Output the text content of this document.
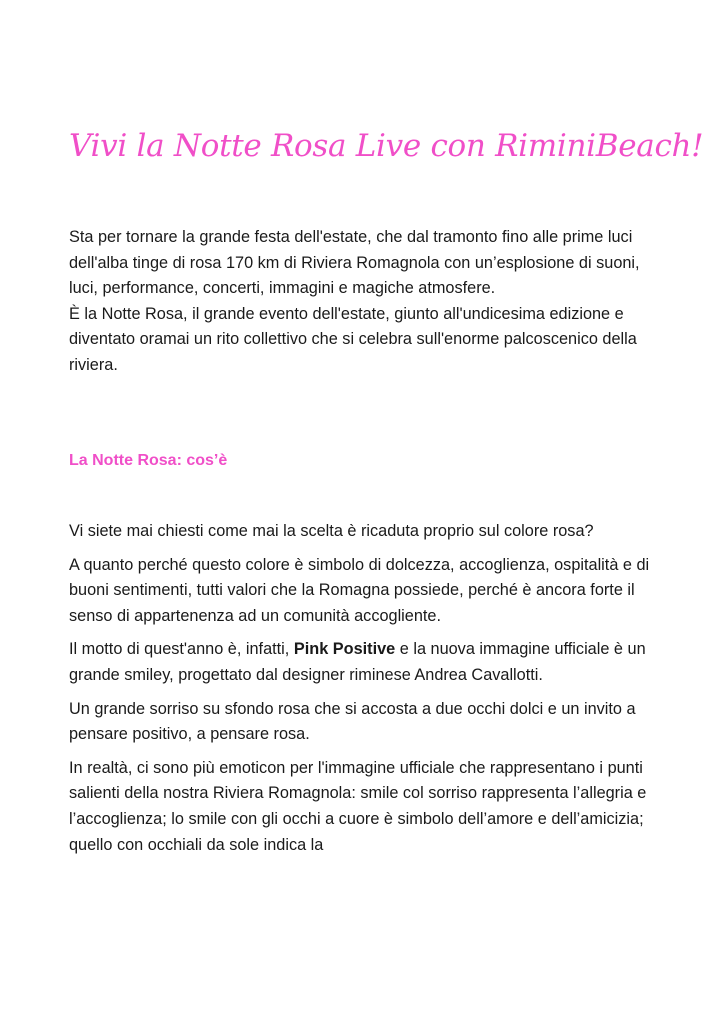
Vivi la Notte Rosa Live con RiminiBeach!

Sta per tornare la grande festa dell'estate, che dal tramonto fino alle prime luci dell'alba tinge di rosa 170 km di Riviera Romagnola con un’esplosione di suoni, luci, performance, concerti, immagini e magiche atmosfere.

È la Notte Rosa, il grande evento dell'estate, giunto all'undicesima edizione e diventato oramai un rito collettivo che si celebra sull'enorme palcoscenico della riviera.

La Notte Rosa: cos’è

Vi siete mai chiesti come mai la scelta è ricaduta proprio sul colore rosa?

A quanto perché questo colore è simbolo di dolcezza, accoglienza, ospitalità e di buoni sentimenti, tutti valori che la Romagna possiede, perché è ancora forte il senso di appartenenza ad un comunità accogliente.

Il motto di quest'anno è, infatti, Pink Positive e la nuova immagine ufficiale è un grande smiley, progettato dal designer riminese Andrea Cavallotti.

Un grande sorriso su sfondo rosa che si accosta a due occhi dolci e un invito a pensare positivo, a pensare rosa.

In realtà, ci sono più emoticon per l'immagine ufficiale che rappresentano i punti salienti della nostra Riviera Romagnola: smile col sorriso rappresenta l’allegria e l’accoglienza; lo smile con gli occhi a cuore è simbolo dell’amore e dell’amicizia; quello con occhiali da sole indica la
